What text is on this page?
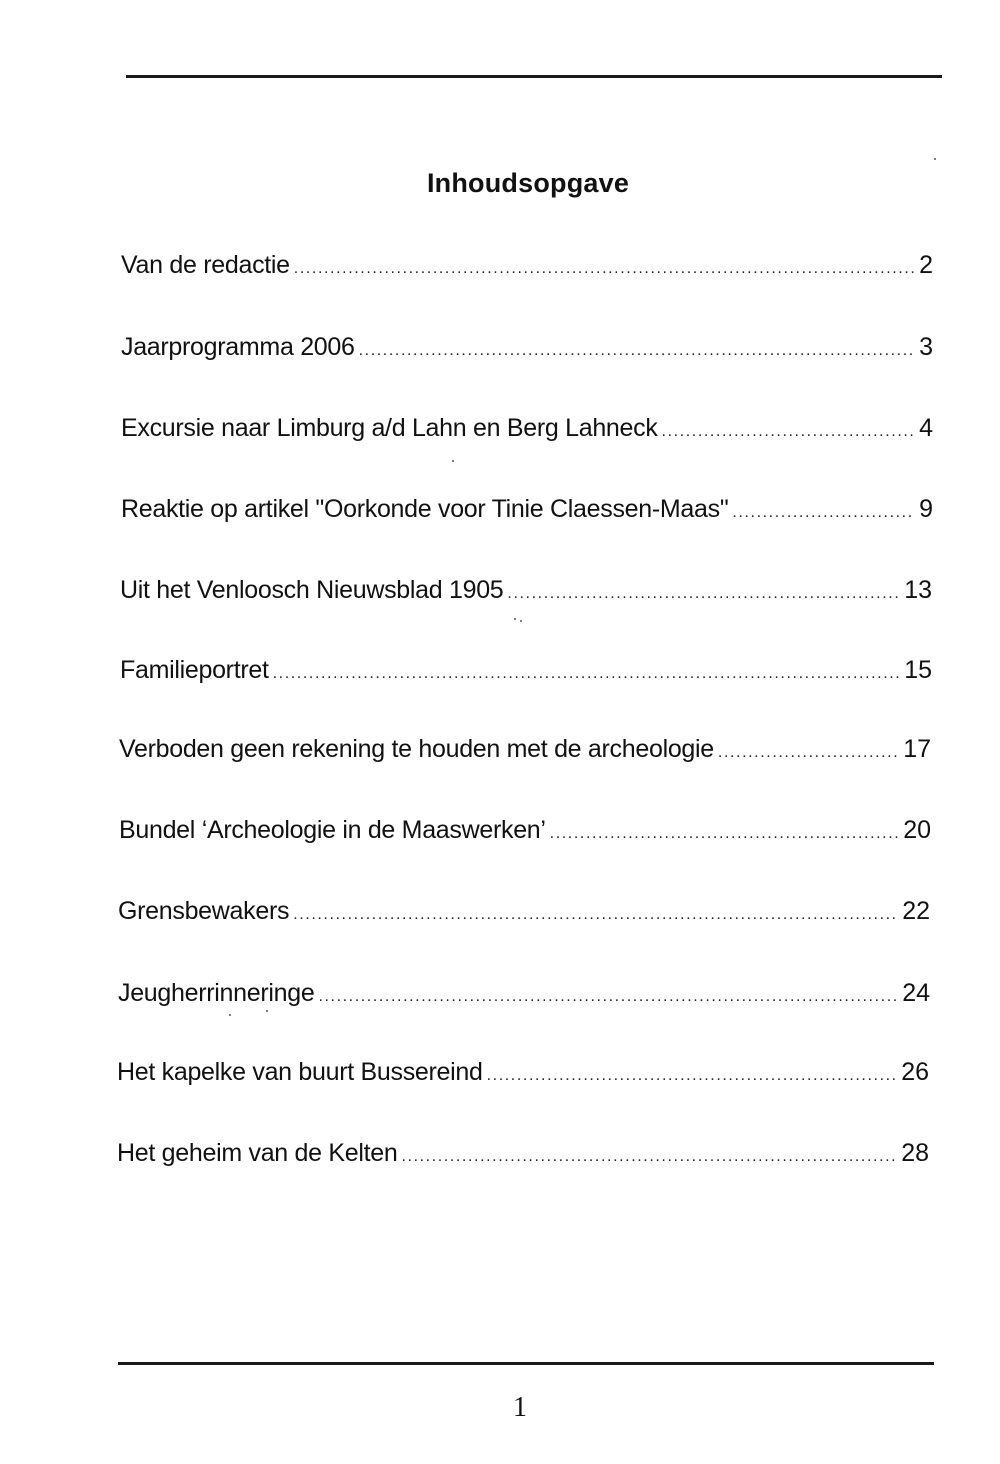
Inhoudsopgave
Van de redactie .....	2
Jaarprogramma 2006 .....	3
Excursie naar Limburg a/d Lahn en Berg Lahneck .....	4
Reaktie op artikel "Oorkonde voor Tinie Claessen-Maas" .....	9
Uit het Venloosch Nieuwsblad 1905 .....	13
Familieportret .....	15
Verboden geen rekening te houden met de archeologie .....	17
Bundel ‘Archeologie in de Maaswerken’ .....	20
Grensbewakers .....	22
Jeugherrinneringe .....	24
Het kapelke van buurt Bussereind .....	26
Het geheim van de Kelten .....	28
1
